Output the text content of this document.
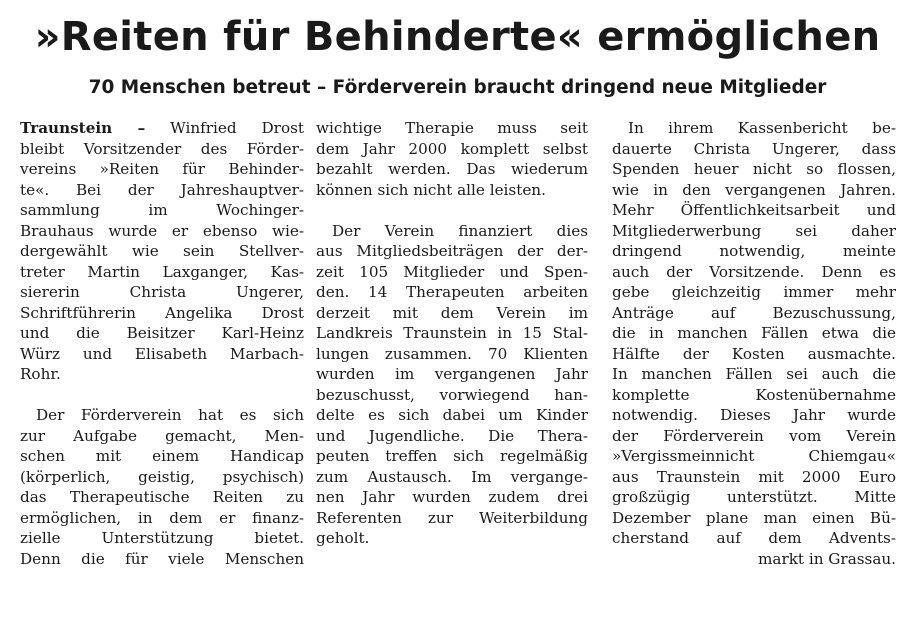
»Reiten für Behinderte« ermöglichen
70 Menschen betreut – Förderverein braucht dringend neue Mitglieder

Traunstein – Winfried Drost
bleibt Vorsitzender des Förder-
vereins »Reiten für Behinder-
te«. Bei der Jahreshauptver-
sammlung im Wochinger-
Brauhaus wurde er ebenso wie-
dergewählt wie sein Stellver-
treter Martin Laxganger, Kas-
siererin Christa Ungerer,
Schriftführerin Angelika Drost
und die Beisitzer Karl-Heinz
Würz und Elisabeth Marbach-
Rohr.

Der Förderverein hat es sich
zur Aufgabe gemacht, Men-
schen mit einem Handicap
(körperlich, geistig, psychisch)
das Therapeutische Reiten zu
ermöglichen, in dem er finanz-
zielle Unterstützung bietet.
Denn die für viele Menschen

wichtige Therapie muss seit
dem Jahr 2000 komplett selbst
bezahlt werden. Das wiederum
können sich nicht alle leisten.

Der Verein finanziert dies
aus Mitgliedsbeiträgen der der-
zeit 105 Mitglieder und Spen-
den. 14 Therapeuten arbeiten
derzeit mit dem Verein im
Landkreis Traunstein in 15 Stal-
lungen zusammen. 70 Klienten
wurden im vergangenen Jahr
bezuschusst, vorwiegend han-
delte es sich dabei um Kinder
und Jugendliche. Die Thera-
peuten treffen sich regelmäßig
zum Austausch. Im vergange-
nen Jahr wurden zudem drei
Referenten zur Weiterbildung
geholt.

In ihrem Kassenbericht be-
dauerte Christa Ungerer, dass
Spenden heuer nicht so flossen,
wie in den vergangenen Jahren.
Mehr Öffentlichkeitsarbeit und
Mitgliederwerbung sei daher
dringend notwendig, meinte
auch der Vorsitzende. Denn es
gebe gleichzeitig immer mehr
Anträge auf Bezuschussung,
die in manchen Fällen etwa die
Hälfte der Kosten ausmachte.
In manchen Fällen sei auch die
komplette Kostenübernahme
notwendig. Dieses Jahr wurde
der Förderverein vom Verein
»Vergissmeinnicht Chiemgau«
aus Traunstein mit 2000 Euro
großzügig unterstützt. Mitte
Dezember plane man einen Bü-
cherstand auf dem Advents-
markt in Grassau.
